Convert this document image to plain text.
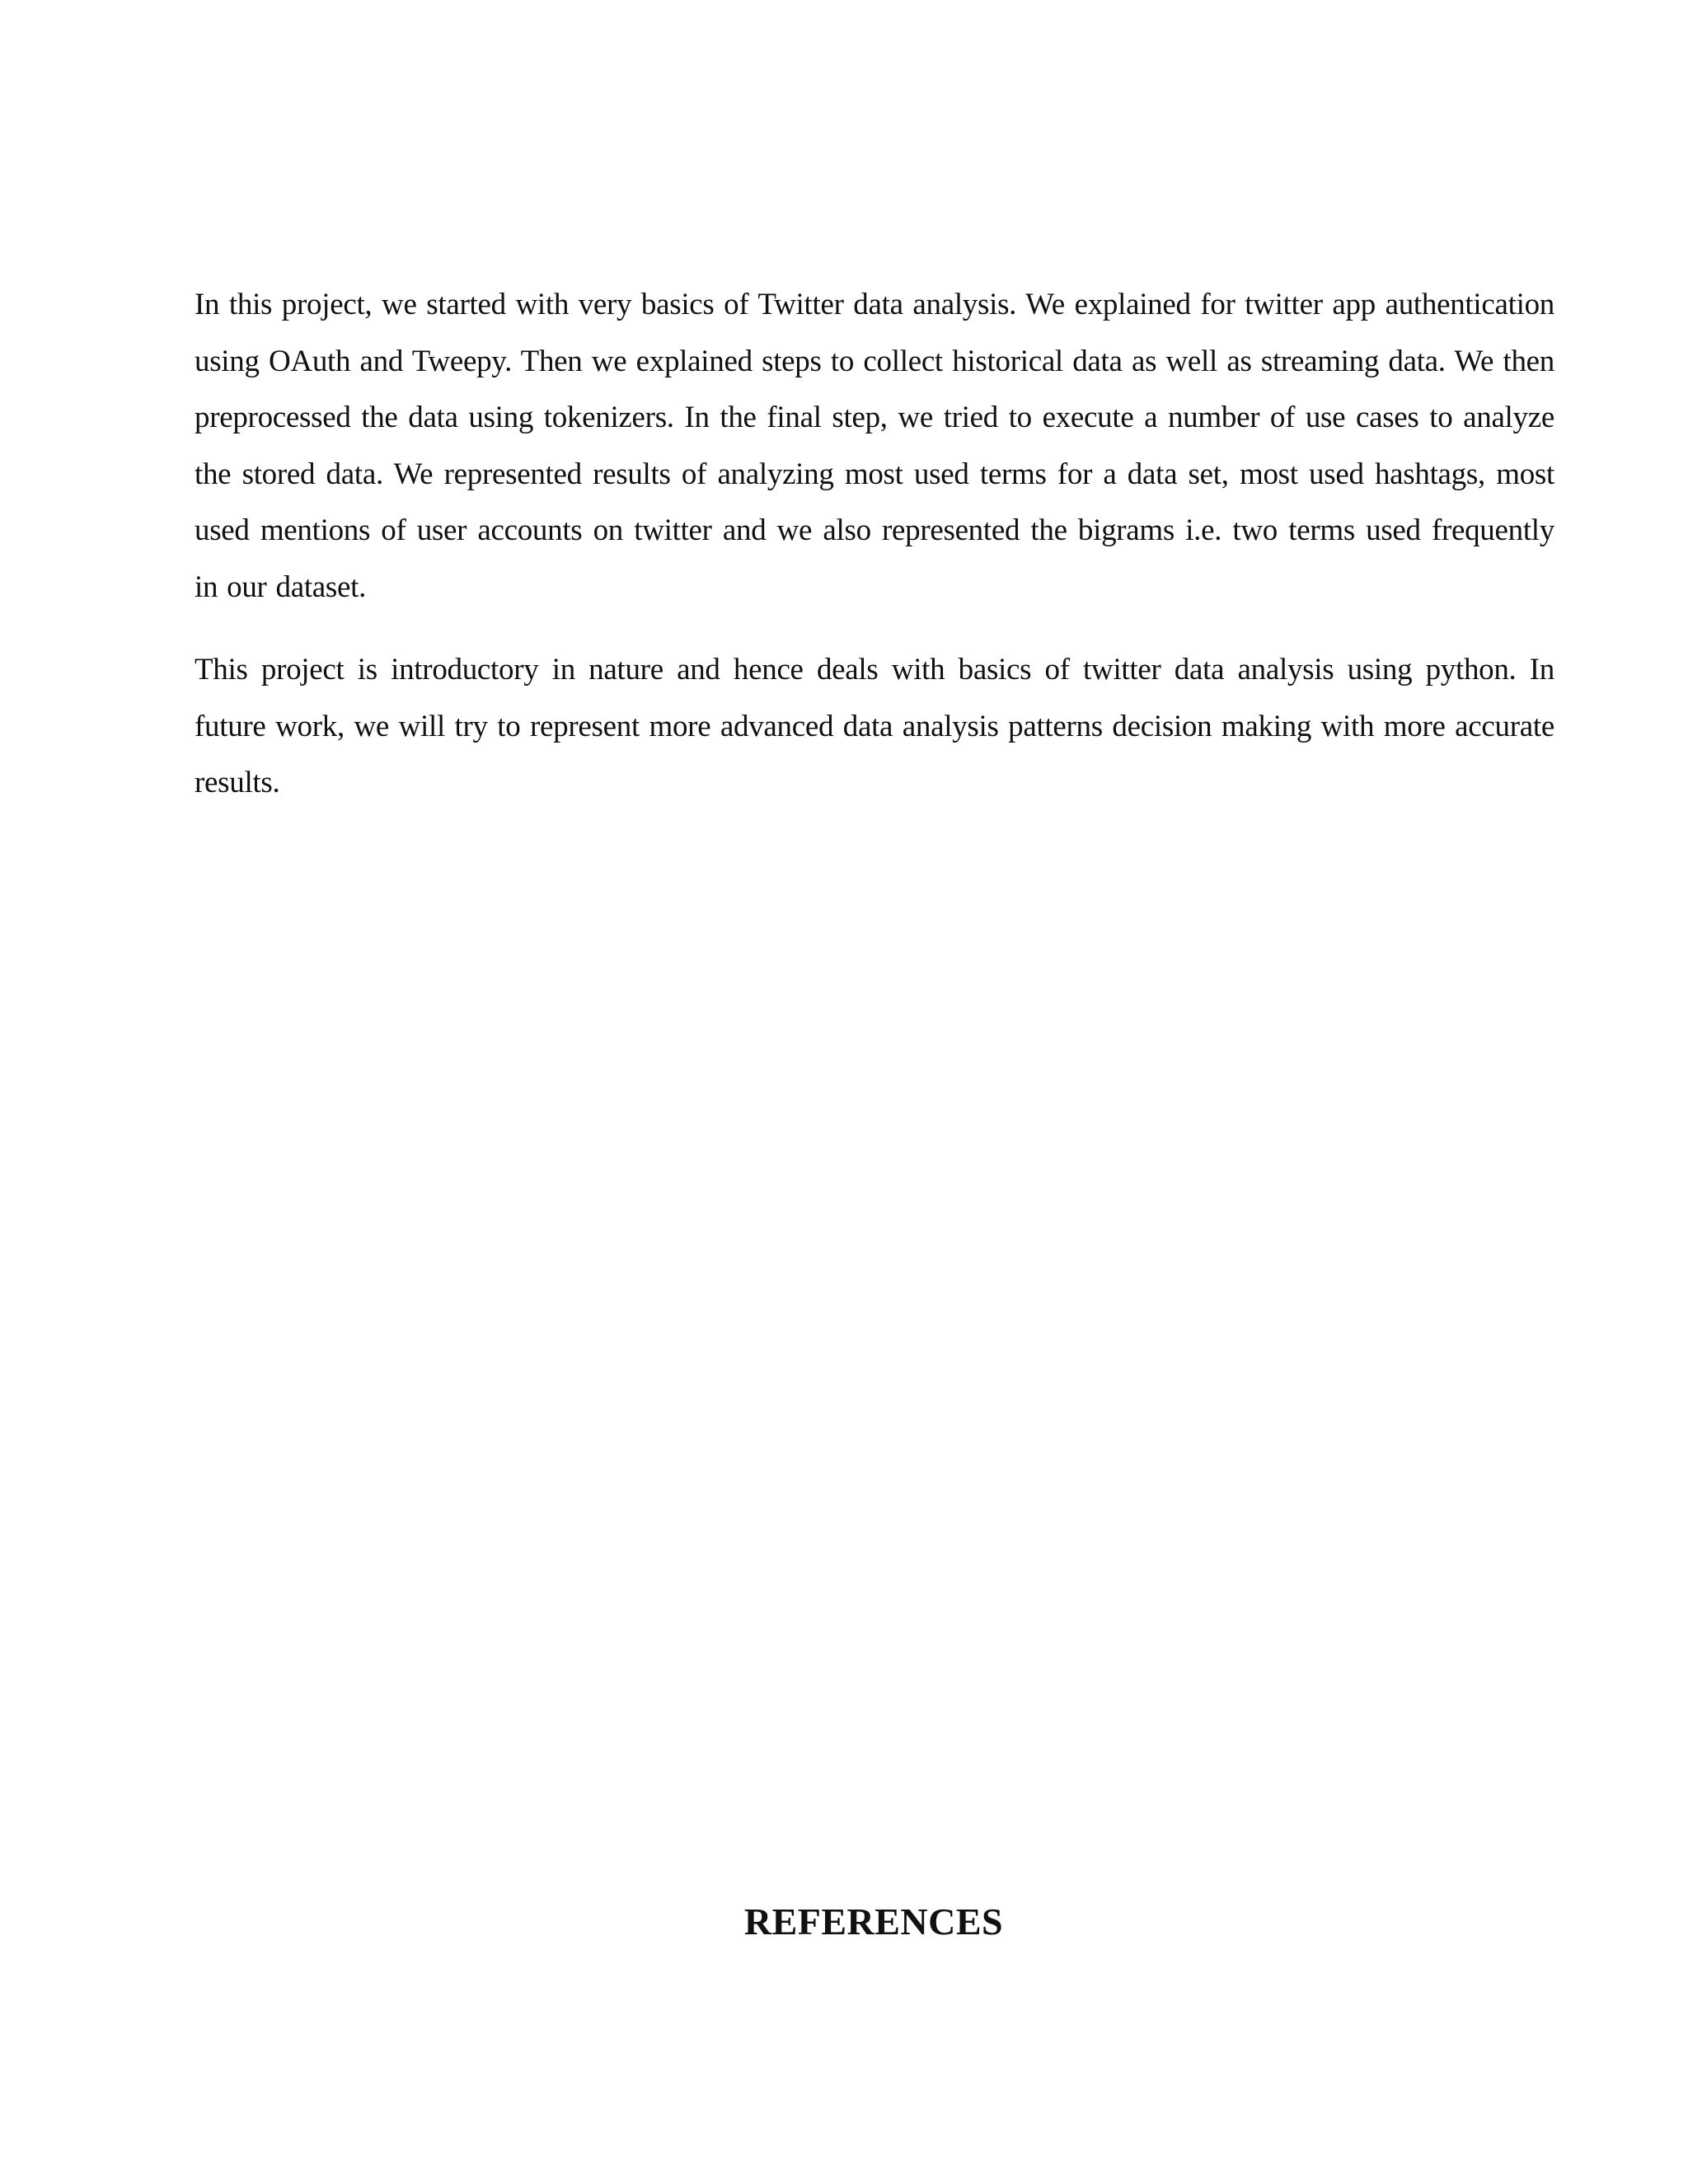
In this project, we started with very basics of Twitter data analysis. We explained for twitter app authentication using OAuth and Tweepy. Then we explained steps to collect historical data as well as streaming data. We then preprocessed the data using tokenizers. In the final step, we tried to execute a number of use cases to analyze the stored data. We represented results of analyzing most used terms for a data set, most used hashtags, most used mentions of user accounts on twitter and we also represented the bigrams i.e. two terms used frequently in our dataset.

This project is introductory in nature and hence deals with basics of twitter data analysis using python. In future work, we will try to represent more advanced data analysis patterns decision making with more accurate results.

REFERENCES
